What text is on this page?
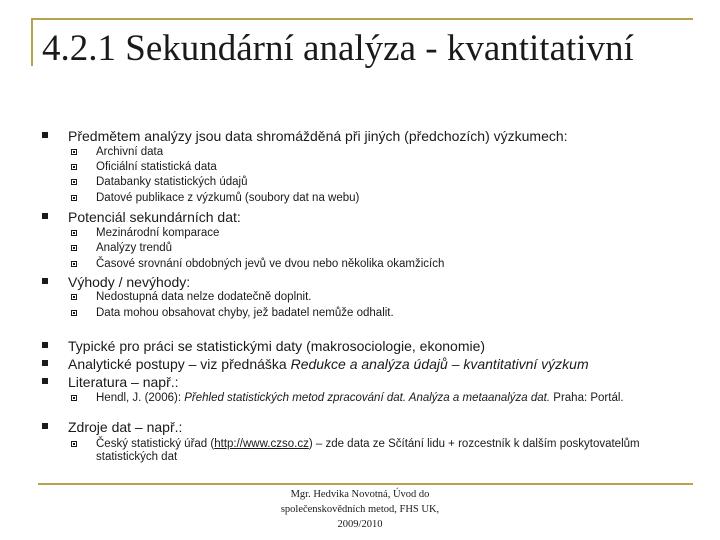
4.2.1 Sekundární analýza - kvantitativní
Předmětem analýzy jsou data shromážděná při jiných (předchozích) výzkumech:
Archivní data
Oficiální statistická data
Databanky statistických údajů
Datové publikace z výzkumů (soubory dat na webu)
Potenciál sekundárních dat:
Mezinárodní komparace
Analýzy trendů
Časové srovnání obdobných jevů ve dvou nebo několika okamžicích
Výhody / nevýhody:
Nedostupná data nelze dodatečně doplnit.
Data mohou obsahovat chyby, jež badatel nemůže odhalit.
Typické pro práci se statistickými daty (makrosociologie, ekonomie)
Analytické postupy – viz přednáška Redukce a analýza údajů – kvantitativní výzkum
Literatura – např.:
Hendl, J. (2006): Přehled statistických metod zpracování dat. Analýza a metaanalýza dat. Praha: Portál.
Zdroje dat – např.:
Český statistický úřad (http://www.czso.cz) – zde data ze Sčítání lidu + rozcestník k dalším poskytovatelům statistických dat
Mgr. Hedvika Novotná, Úvod do
společenskovědních metod, FHS UK,
2009/2010
